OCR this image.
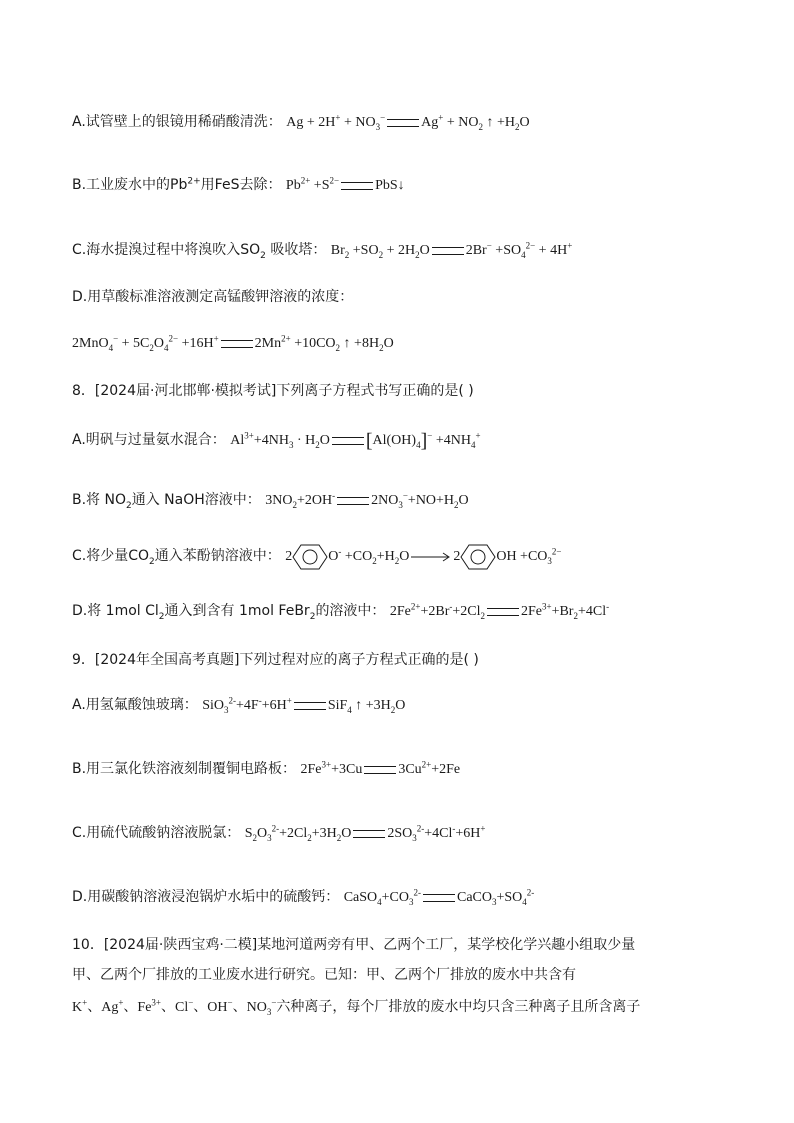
A.试管壁上的银镜用稀硝酸清洗： $Ag + 2H^+ + NO_3^-$	$Ag^+ + NO_2$ ↑ $+H_2O$
B.工业废水中的$Pb^{2+}$用FeS去除： $Pb^{2+} +S^{2-}$	PbS↓
C.海水提溴过程中将溴吹入$SO_2$ 吸收塔： $Br_2 +SO_2 + 2H_2O$	$2Br^- +SO_4^{2-} + 4H^+$
D.用草酸标准溶液测定高锰酸钾溶液的浓度：
$2MnO_4^- + 5C_2O_4^{2-} +16H^+$	$2Mn^{2+} +10CO_2$ ↑ $+8H_2O$
8．[2024届·河北邯郸·模拟考试]下列离子方程式书写正确的是( )
A.明矾与过量氨水混合： $Al^{3+}+4NH_3 \cdot H_2O$ $[Al(OH)_4]^- +4NH_4^+$
B.将 $NO_2$通入 NaOH溶液中： $3NO_2+2OH^-$	$2NO_3^-+NO+H_2O$
C.将少量$CO_2$通入苯酚钠溶液中： 2	$O^- +CO_2+H_2O$	2	OH $+CO_3^{2-}$
D.将 1mol $Cl_2$通入到含有 1mol FeBr$_2$的溶液中： $2Fe^{2+}+2Br^-+2Cl_2$	$2Fe^{3+}+Br_2+4Cl^-$
9．[2024年全国高考真题]下列过程对应的离子方程式正确的是( )
A.用氢氟酸蚀玻璃： SiO$_3^{2-}$+4F-+6H+	SiF$_4$ ↑ $+3H_2O$
B.用三氯化铁溶液刻制覆铜电路板： $2Fe^{3+}+3Cu$	$3Cu^{2+}+2Fe$
C.用硫代硫酸钠溶液脱氯： $S_2O_3^{2-}+2Cl_2+3H_2O$	$2SO_3^{2-}+4Cl^-+6H^+$
D.用碳酸钠溶液浸泡锅炉水垢中的硫酸钙： $CaSO_4+CO_3^{2-}$	$CaCO_3+SO_4^{2-}$
10．[2024届·陕西宝鸡·二模]某地河道两旁有甲、乙两个工厂，某学校化学兴趣小组取少量
甲、乙两个厂排放的工业废水进行研究。已知：甲、乙两个厂排放的废水中共含有
K+、Ag+、$Fe^{3+}$、Cl−、OH−、$NO_3^-$六种离子，每个厂排放的废水中均只含三种离子且所含离子
